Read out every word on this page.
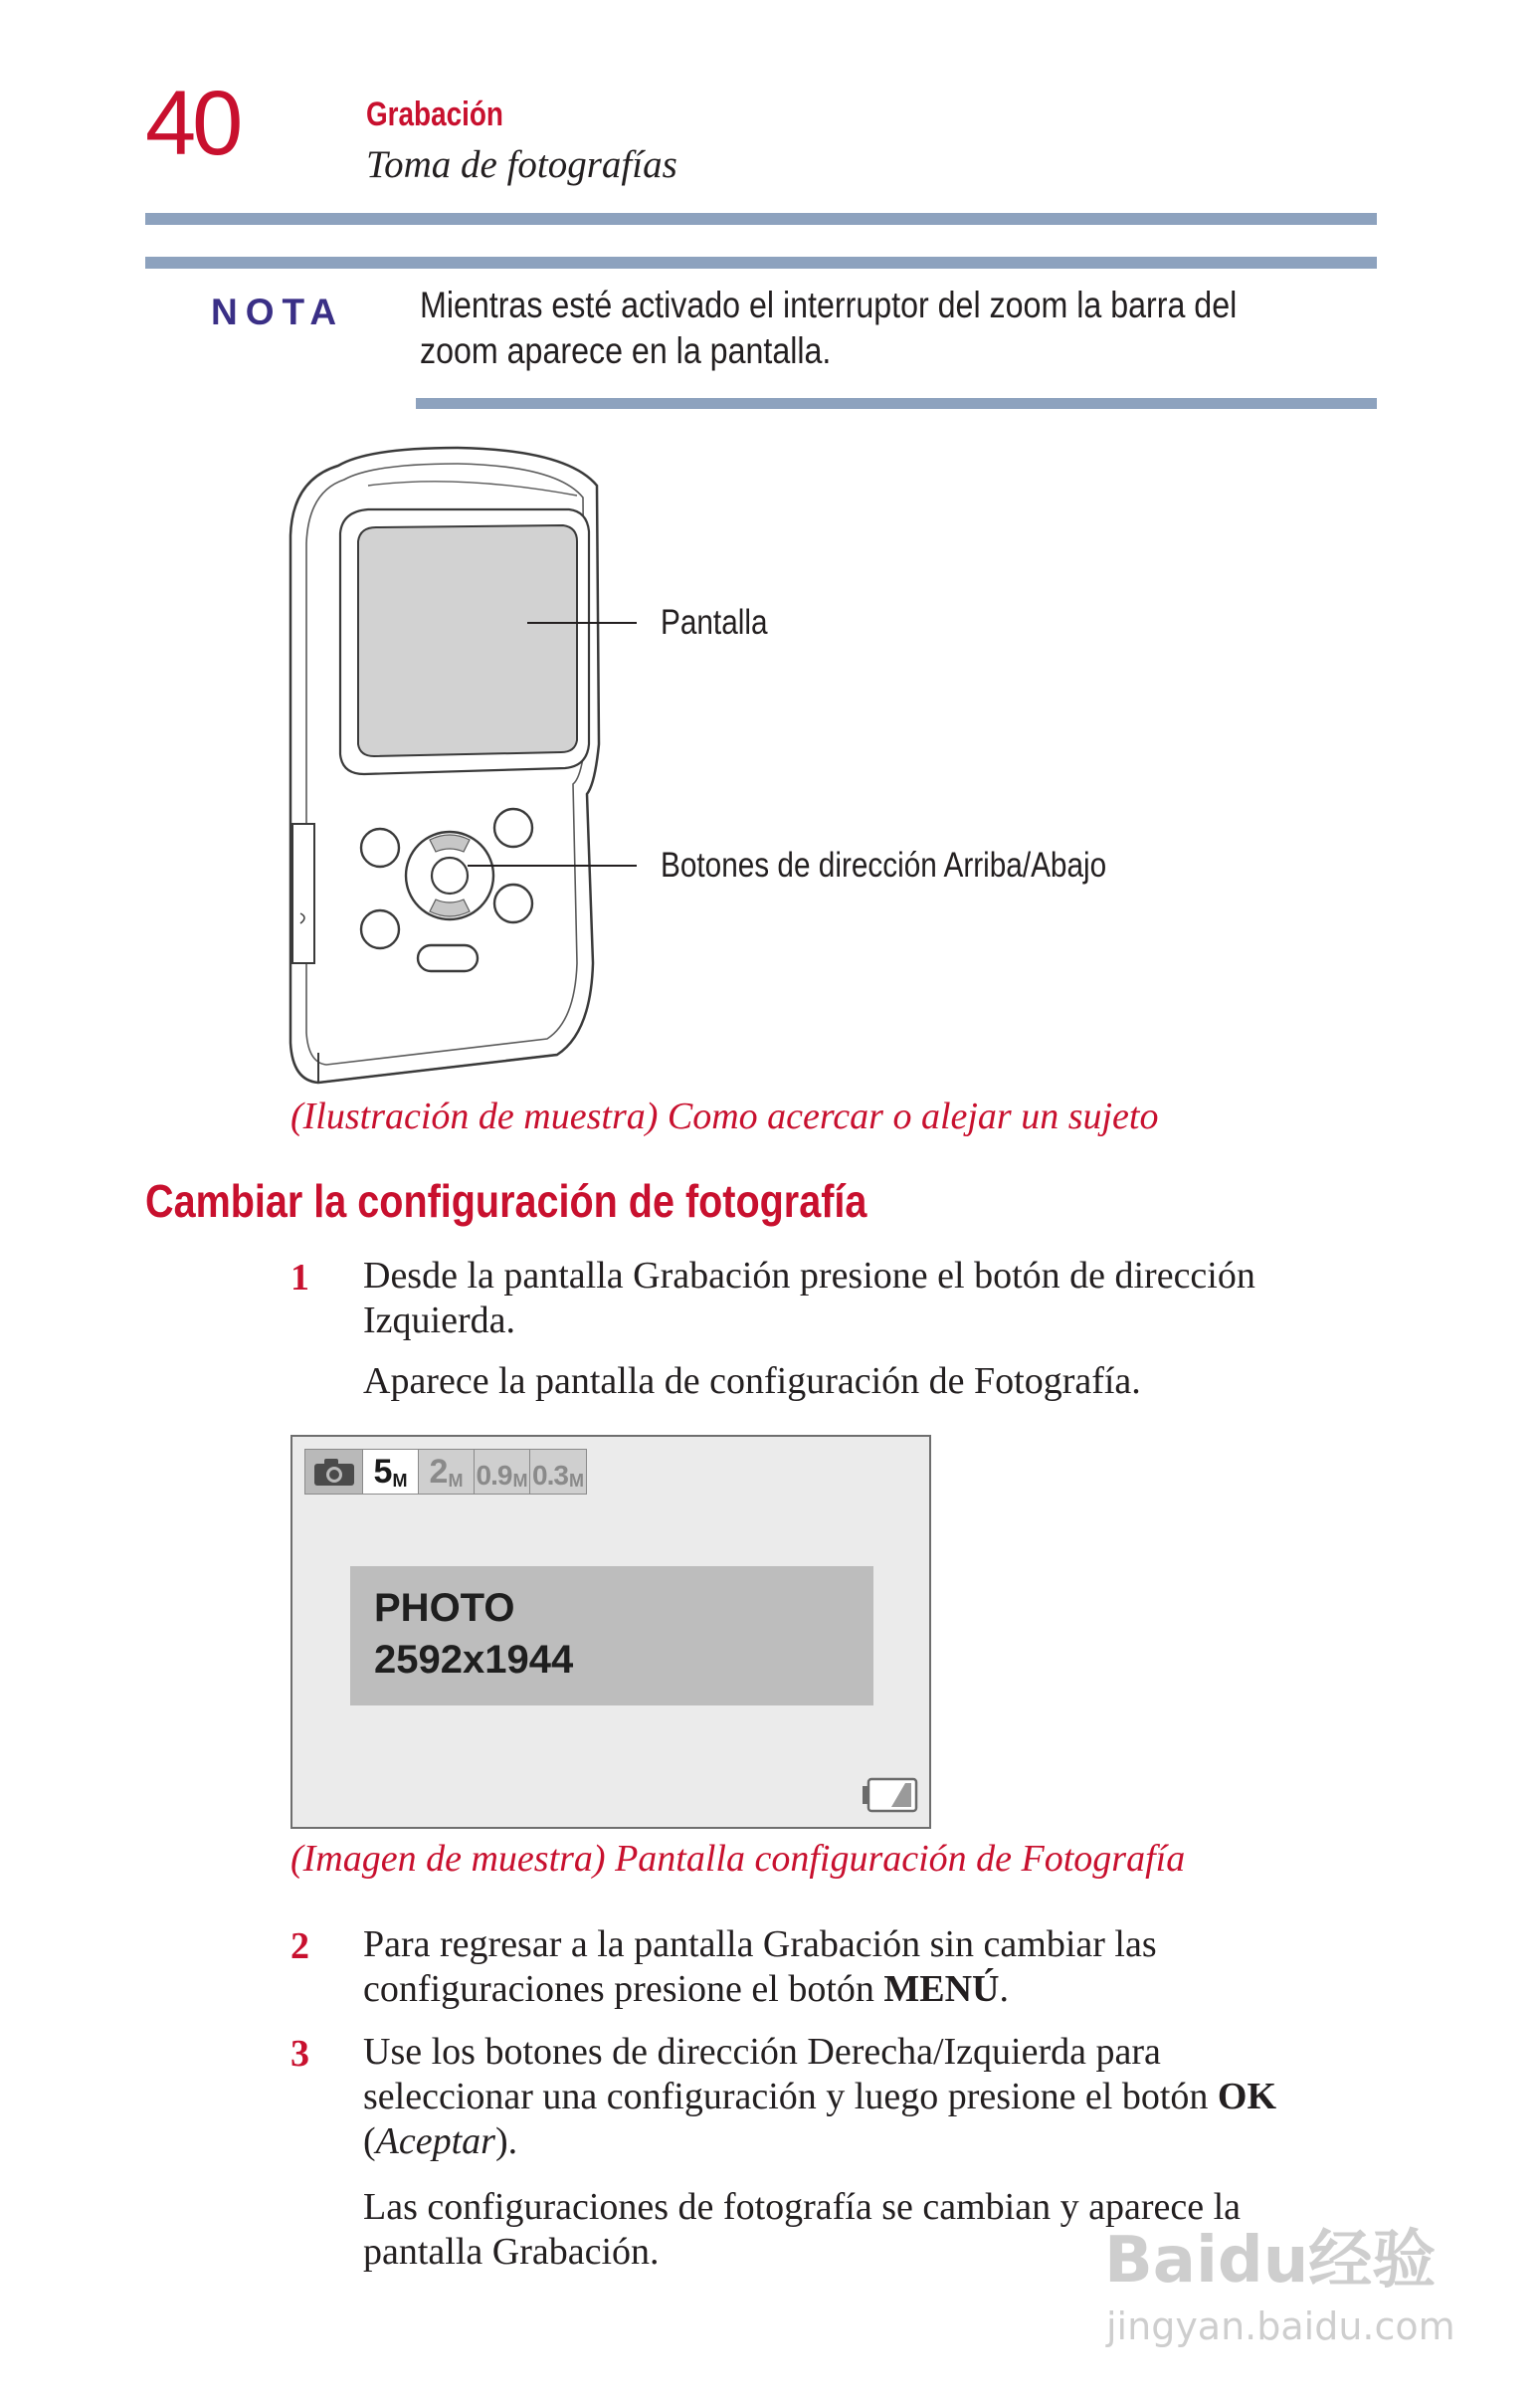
40	Grabación
Toma de fotografías
NOTA Mientras esté activado el interruptor del zoom la barra del zoom aparece en la pantalla.
Pantalla
Botones de dirección Arriba/Abajo
(Ilustración de muestra) Como acercar o alejar un sujeto
Cambiar la configuración de fotografía
1 Desde la pantalla Grabación presione el botón de dirección Izquierda.
Aparece la pantalla de configuración de Fotografía.
5 M 2 M 0.9 M 0.3 M
PHOTO
2592x1944
(Imagen de muestra) Pantalla configuración de Fotografía
2 Para regresar a la pantalla Grabación sin cambiar las configuraciones presione el botón MENÚ.
3 Use los botones de dirección Derecha/Izquierda para seleccionar una configuración y luego presione el botón OK (Aceptar).
Las configuraciones de fotografía se cambian y aparece la pantalla Grabación.	Baidu经验
jingyan.baidu.com
